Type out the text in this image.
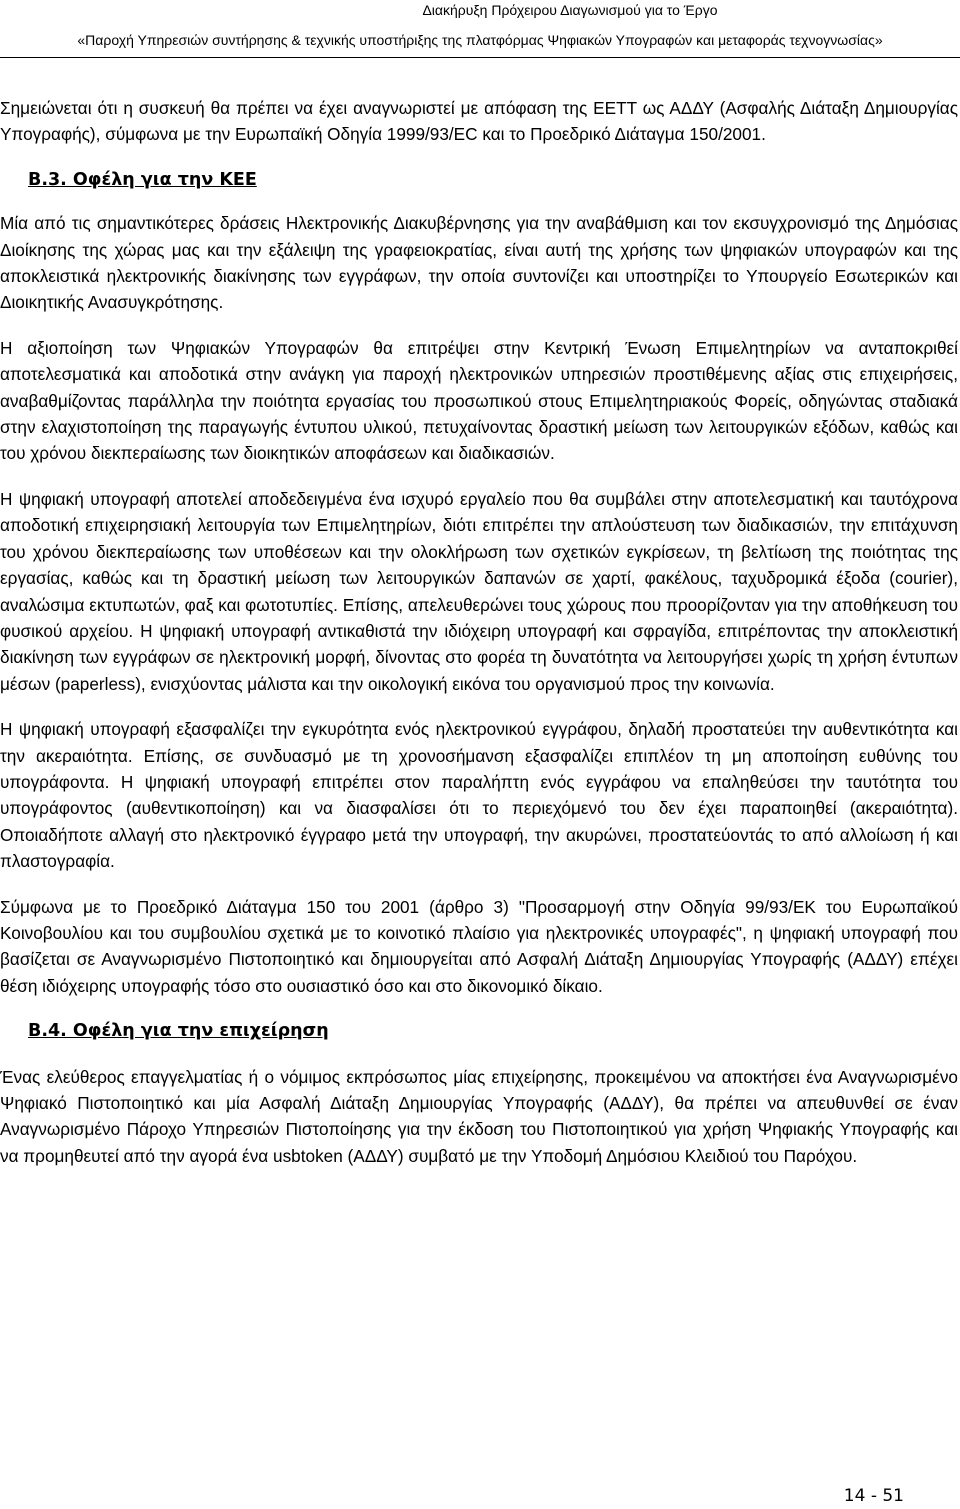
Διακήρυξη Πρόχειρου Διαγωνισμού για το Έργο
«Παροχή Υπηρεσιών συντήρησης & τεχνικής υποστήριξης της πλατφόρμας Ψηφιακών Υπογραφών και μεταφοράς τεχνογνωσίας»

Σημειώνεται ότι η συσκευή θα πρέπει να έχει αναγνωριστεί με απόφαση της ΕΕΤΤ ως ΑΔΔΥ (Ασφαλής Διάταξη Δημιουργίας Υπογραφής), σύμφωνα με την Ευρωπαϊκή Οδηγία 1999/93/ΕC και το Προεδρικό Διάταγμα 150/2001.

Β.3. Οφέλη για την ΚΕΕ

Μία από τις σημαντικότερες δράσεις Ηλεκτρονικής Διακυβέρνησης για την αναβάθμιση και τον εκσυγχρονισμό της Δημόσιας Διοίκησης της χώρας μας και την εξάλειψη της γραφειοκρατίας, είναι αυτή της χρήσης των ψηφιακών υπογραφών και της αποκλειστικά ηλεκτρονικής διακίνησης των εγγράφων, την οποία συντονίζει και υποστηρίζει το Υπουργείο Εσωτερικών και Διοικητικής Ανασυγκρότησης.

Η αξιοποίηση των Ψηφιακών Υπογραφών θα επιτρέψει στην Κεντρική Ένωση Επιμελητηρίων να ανταποκριθεί αποτελεσματικά και αποδοτικά στην ανάγκη για παροχή ηλεκτρονικών υπηρεσιών προστιθέμενης αξίας στις επιχειρήσεις, αναβαθμίζοντας παράλληλα την ποιότητα εργασίας του προσωπικού στους Επιμελητηριακούς Φορείς, οδηγώντας σταδιακά στην ελαχιστοποίηση της παραγωγής έντυπου υλικού, πετυχαίνοντας δραστική μείωση των λειτουργικών εξόδων, καθώς και του χρόνου διεκπεραίωσης των διοικητικών αποφάσεων και διαδικασιών.

Η ψηφιακή υπογραφή αποτελεί αποδεδειγμένα ένα ισχυρό εργαλείο που θα συμβάλει στην αποτελεσματική και ταυτόχρονα αποδοτική επιχειρησιακή λειτουργία των Επιμελητηρίων, διότι επιτρέπει την απλούστευση των διαδικασιών, την επιτάχυνση του χρόνου διεκπεραίωσης των υποθέσεων και την ολοκλήρωση των σχετικών εγκρίσεων, τη βελτίωση της ποιότητας της εργασίας, καθώς και τη δραστική μείωση των λειτουργικών δαπανών σε χαρτί, φακέλους, ταχυδρομικά έξοδα (courier), αναλώσιμα εκτυπωτών, φαξ και φωτοτυπίες. Επίσης, απελευθερώνει τους χώρους που προορίζονταν για την αποθήκευση του φυσικού αρχείου. Η ψηφιακή υπογραφή αντικαθιστά την ιδιόχειρη υπογραφή και σφραγίδα, επιτρέποντας την αποκλειστική διακίνηση των εγγράφων σε ηλεκτρονική μορφή, δίνοντας στο φορέα τη δυνατότητα να λειτουργήσει χωρίς τη χρήση έντυπων μέσων (paperless), ενισχύοντας μάλιστα και την οικολογική εικόνα του οργανισμού προς την κοινωνία.

Η ψηφιακή υπογραφή εξασφαλίζει την εγκυρότητα ενός ηλεκτρονικού εγγράφου, δηλαδή προστατεύει την αυθεντικότητα και την ακεραιότητα. Επίσης, σε συνδυασμό με τη χρονοσήμανση εξασφαλίζει επιπλέον τη μη αποποίηση ευθύνης του υπογράφοντα. Η ψηφιακή υπογραφή επιτρέπει στον παραλήπτη ενός εγγράφου να επαληθεύσει την ταυτότητα του υπογράφοντος (αυθεντικοποίηση) και να διασφαλίσει ότι το περιεχόμενό του δεν έχει παραποιηθεί (ακεραιότητα). Οποιαδήποτε αλλαγή στο ηλεκτρονικό έγγραφο μετά την υπογραφή, την ακυρώνει, προστατεύοντάς το από αλλοίωση ή και πλαστογραφία.

Σύμφωνα με το Προεδρικό Διάταγμα 150 του 2001 (άρθρο 3) "Προσαρμογή στην Οδηγία 99/93/ΕΚ του Ευρωπαϊκού Κοινοβουλίου και του συμβουλίου σχετικά με το κοινοτικό πλαίσιο για ηλεκτρονικές υπογραφές", η ψηφιακή υπογραφή που βασίζεται σε Αναγνωρισμένο Πιστοποιητικό και δημιουργείται από Ασφαλή Διάταξη Δημιουργίας Υπογραφής (ΑΔΔΥ) επέχει θέση ιδιόχειρης υπογραφής τόσο στο ουσιαστικό όσο και στο δικονομικό δίκαιο.

Β.4. Οφέλη για την επιχείρηση

Ένας ελεύθερος επαγγελματίας ή ο νόμιμος εκπρόσωπος μίας επιχείρησης, προκειμένου να αποκτήσει ένα Αναγνωρισμένο Ψηφιακό Πιστοποιητικό και μία Ασφαλή Διάταξη Δημιουργίας Υπογραφής (ΑΔΔΥ), θα πρέπει να απευθυνθεί σε έναν Αναγνωρισμένο Πάροχο Υπηρεσιών Πιστοποίησης για την έκδοση του Πιστοποιητικού για χρήση Ψηφιακής Υπογραφής και να προμηθευτεί από την αγορά ένα usbtoken (ΑΔΔΥ) συμβατό με την Υποδομή Δημόσιου Κλειδιού του Παρόχου.

14 - 51
